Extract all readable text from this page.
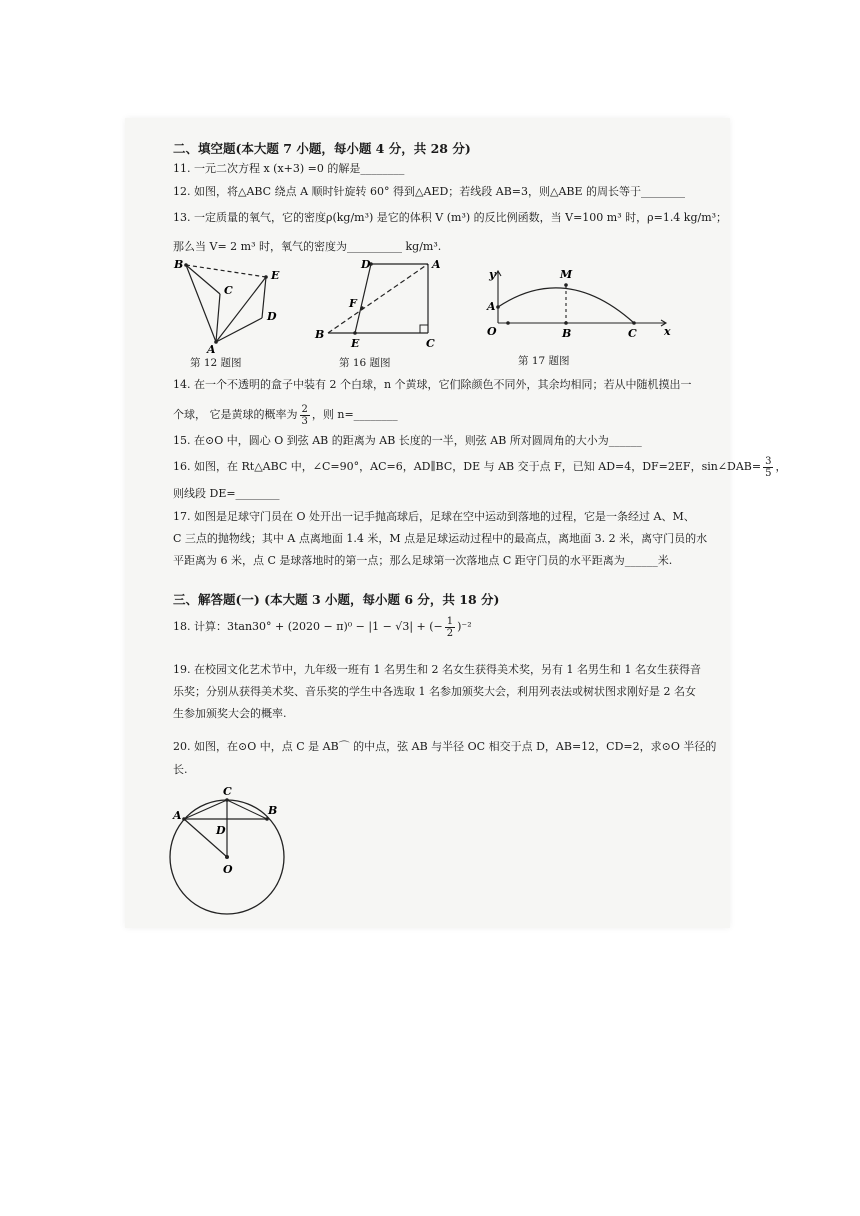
二、填空题(本大题 7 小题，每小题 4 分，共 28 分)
11. 一元二次方程 x (x+3) =0 的解是________
12. 如图，将△ABC 绕点 A 顺时针旋转 60° 得到△AED；若线段 AB=3，则△ABE 的周长等于________
13. 一定质量的氧气，它的密度ρ(kg/m³) 是它的体积 V (m³) 的反比例函数，当 V=100 m³ 时，ρ=1.4 kg/m³；
那么当 V= 2 m³ 时，氧气的密度为__________ kg/m³.
B
C
E
D
A
第 12 题图
D	A
F
B
E	C
第 16 题图
y	M
A
O	B	C x
第 17 题图
14. 在一个不透明的盒子中装有 2 个白球，n 个黄球，它们除颜色不同外，其余均相同；若从中随机摸出一
个球， 它是黄球的概率为 $\frac{2}{3}$ ，则 n=________
15. 在⊙O 中，圆心 O 到弦 AB 的距离为 AB 长度的一半，则弦 AB 所对圆周角的大小为______
16. 如图，在 Rt△ABC 中，∠C=90°，AC=6，AD∥BC，DE 与 AB 交于点 F，已知 AD=4，DF=2EF，sin∠DAB= $\frac{3}{5}$ ，
则线段 DE=________
17. 如图是足球守门员在 O 处开出一记手抛高球后，足球在空中运动到落地的过程，它是一条经过 A、M、
C 三点的抛物线；其中 A 点离地面 1.4 米，M 点是足球运动过程中的最高点，离地面 3. 2 米，离守门员的水
平距离为 6 米，点 C 是球落地时的第一点；那么足球第一次落地点 C 距守门员的水平距离为______米.
三、解答题(一) (本大题 3 小题，每小题 6 分，共 18 分)
18. 计算：3tan30° + (2020 − π)⁰ − |1 − √3| + (− $\frac{1}{2} )^{-2}$
19. 在校园文化艺术节中，九年级一班有 1 名男生和 2 名女生获得美术奖，另有 1 名男生和 1 名女生获得音
乐奖；分别从获得美术奖、音乐奖的学生中各选取 1 名参加颁奖大会，利用列表法或树状图求刚好是 2 名女
生参加颁奖大会的概率.
20. 如图，在⊙O 中，点 C 是 AB⌒ 的中点，弦 AB 与半径 OC 相交于点 D，AB=12，CD=2，求⊙O 半径的
长.
C
A	B
D
O
